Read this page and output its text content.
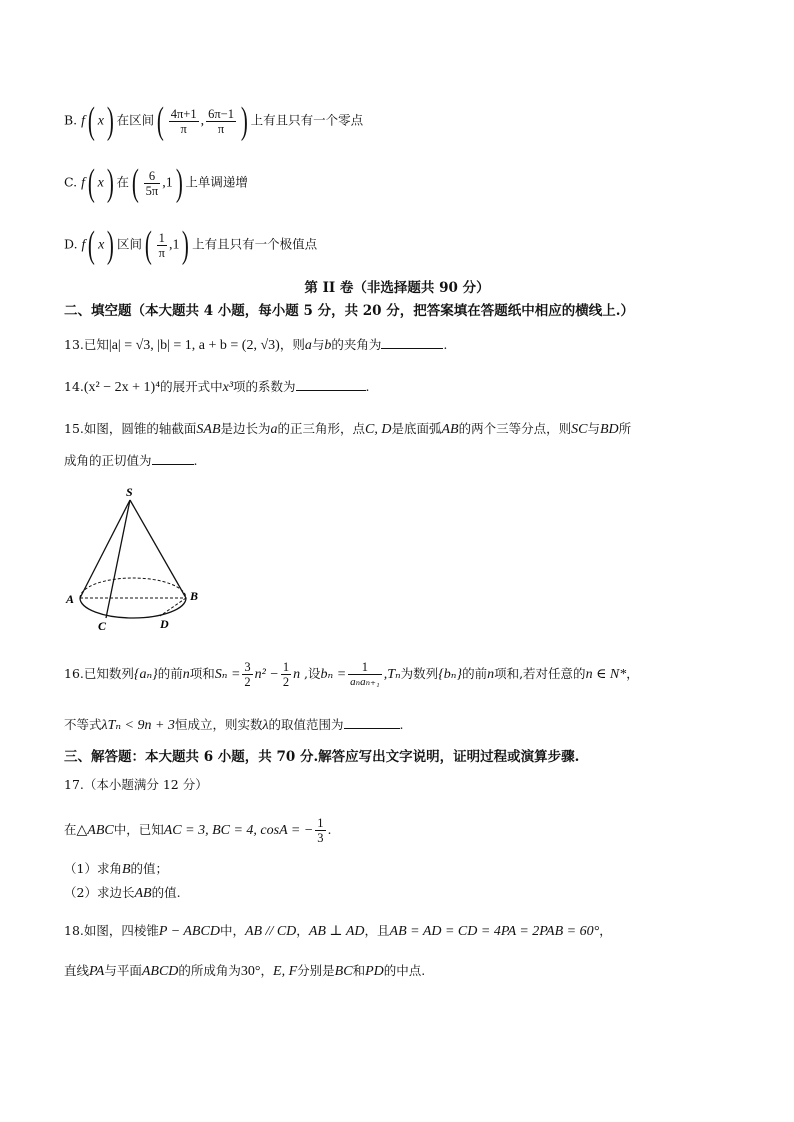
B. f( x) 在区间( $\frac{4\pi+1}{\pi}$ , $\frac{6\pi-1}{\pi}$ ) 上有且只有一个零点
C. f( x) 在( $\frac{6}{5\pi} ,1$) 上单调递增
D. f( x) 区间( $\frac{1}{\pi} ,1$) 上有且只有一个极值点
第 II 卷（非选择题共 90 分）
二、填空题（本大题共 4 小题，每小题 5 分，共 20 分，把答案填在答题纸中相应的横线上.）
13.已知|a| = √3, |b| = 1, a + b = (2, √3)，则a与b的夹角为	.
14.(x² − 2x + 1)⁴的展开式中x³项的系数为	.
15.如图，圆锥的轴截面SAB是边长为a的正三角形，点C, D是底面弧AB的两个三等分点，则SC与BD所
成角的正切值为	.
S
A	B
C	D
16.已知数列{aₙ}的前n项和$S_n = \frac{3}{2} n^2 - \frac{1}{2}$ n ,设$b_n = \frac{1}{\text{aₙaₙ₊₁}} ,T_n$为数列{bₙ}的前n项和,若对任意的n ∈ N*，
不等式λTₙ < 9n + 3恒成立，则实数λ的取值范围为	.
三、解答题：本大题共 6 小题，共 70 分.解答应写出文字说明，证明过程或演算步骤.
17.（本小题满分 12 分）
在△ABC中，已知AC = 3, BC = 4, cosA = − $\frac{1}{3}$ .
（1）求角B的值；
（2）求边长AB的值.
18.如图，四棱锥P − ABCD中，AB // CD，AB ⊥ AD，且AB = AD = CD = 4PA = 2PAB = 60°，
直线PA与平面ABCD的所成角为30°，E, F分别是BC和PD的中点.
